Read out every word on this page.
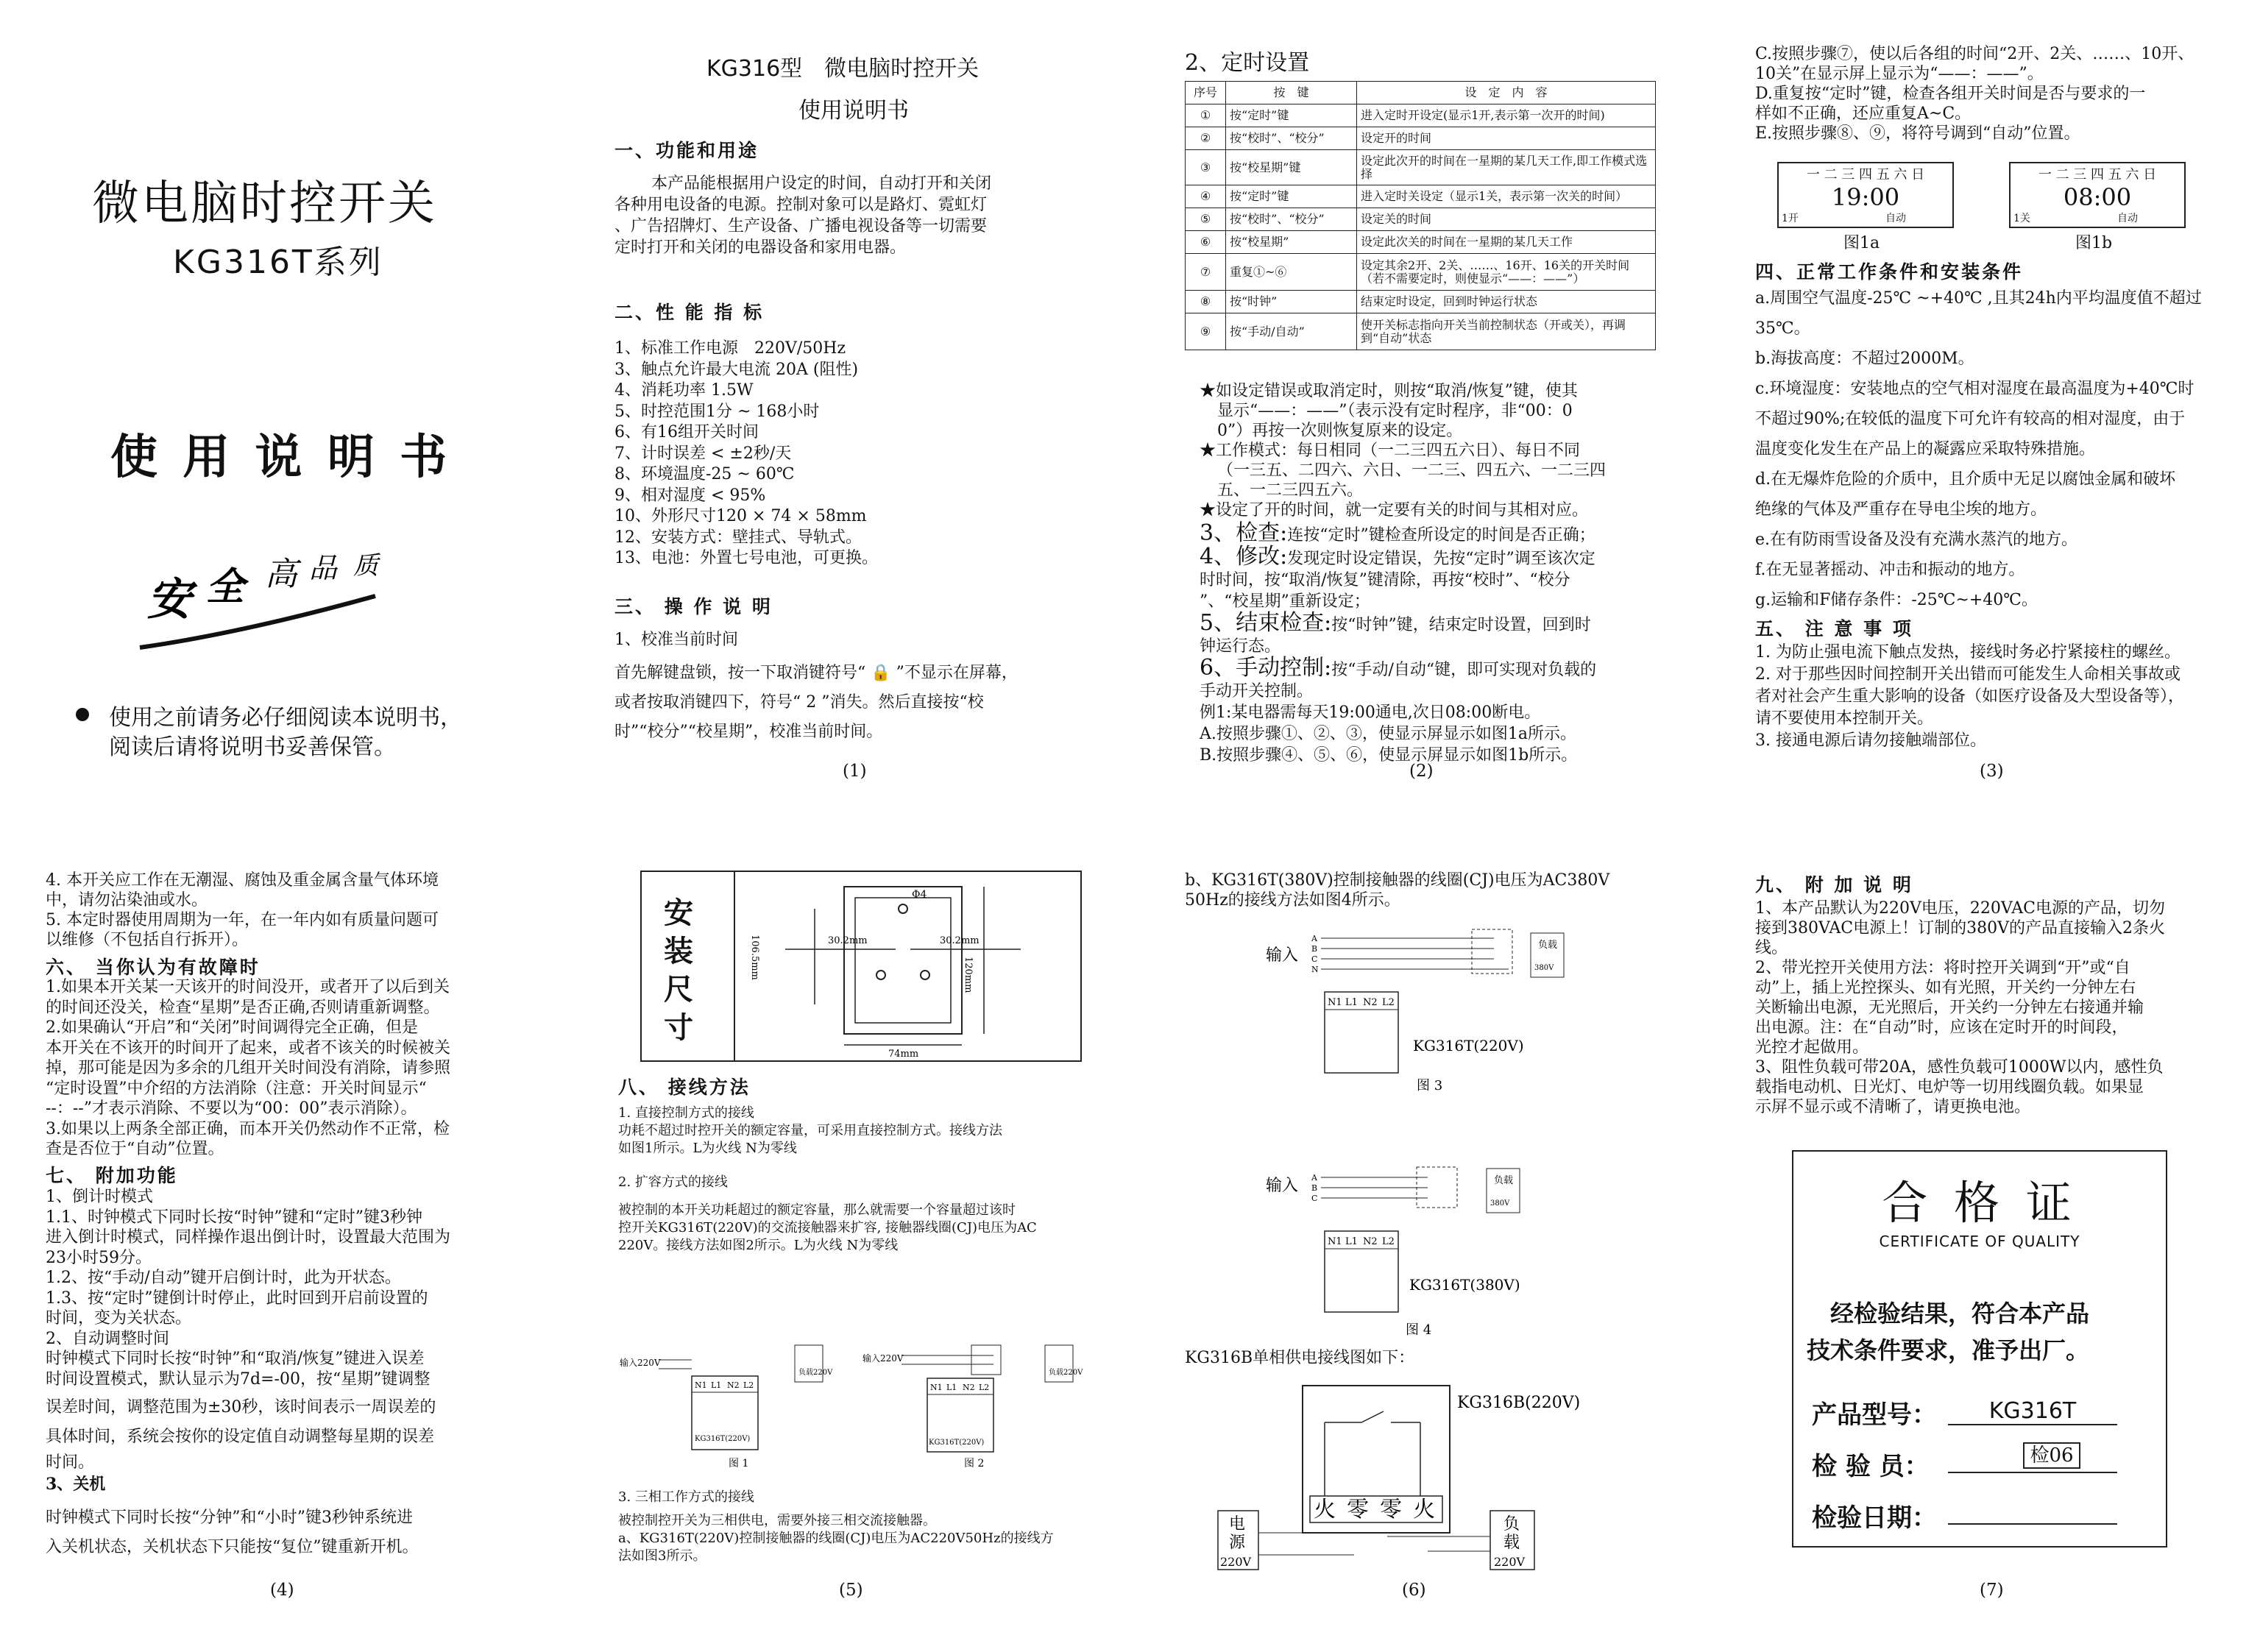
微电脑时控开关
KG316T系列
使 用 说 明 书
安 全 高 品 质
使用之前请务必仔细阅读本说明书，
阅读后请将说明书妥善保管。
KG316型　微电脑时控开关
使用说明书
一、功能和用途
本产品能根据用户设定的时间，自动打开和关闭
各种用电设备的电源。控制对象可以是路灯、霓虹灯
、广告招牌灯、生产设备、广播电视设备等一切需要
定时打开和关闭的电器设备和家用电器。
二、性 能 指 标
1、标准工作电源　220V/50Hz
3、触点允许最大电流 20A (阻性)
4、消耗功率 1.5W
5、时控范围1分 ~ 168小时
6、有16组开关时间
7、计时误差 < ±2秒/天
8、环境温度-25 ~ 60℃
9、相对湿度 < 95%
10、外形尺寸120 × 74 × 58mm
12、安装方式：壁挂式、导轨式。
13、电池：外置七号电池，可更换。
三、 操 作 说 明
1、校准当前时间
首先解键盘锁，按一下取消键符号“ 🔒 ”不显示在屏幕，
或者按取消键四下，符号“ 2 ”消失。然后直接按“校
时”“校分”“校星期”，校准当前时间。
(1)
2、定时设置
序号	按　键	设　定　内　容
①	按“定时”键	进入定时开设定(显示1开,表示第一次开的时间)
②	按“校时”、“校分”	设定开的时间
③	按“校星期”键	设定此次开的时间在一星期的某几天工作,即工作模式选择
④	按“定时”键	进入定时关设定（显示1关，表示第一次关的时间）
⑤	按“校时”、“校分”	设定关的时间
⑥	按“校星期”	设定此次关的时间在一星期的某几天工作
⑦	重复①~⑥	设定其余2开、2关、……、16开、16关的开关时间（若不需要定时，则使显示“——：——”）
⑧	按“时钟”	结束定时设定，回到时钟运行状态
⑨	按“手动/自动”	使开关标志指向开关当前控制状态（开或关），再调到“自动”状态
★如设定错误或取消定时，则按“取消/恢复”键，使其
显示“——：——”（表示没有定时程序，非“00：0
0”）再按一次则恢复原来的设定。
★工作模式：每日相同（一二三四五六日）、每日不同
（一三五、二四六、六日、一二三、四五六、一二三四
五、一二三四五六。
★设定了开的时间，就一定要有关的时间与其相对应。
3、检查:连按“定时”键检查所设定的时间是否正确；
4、修改:发现定时设定错误，先按“定时”调至该次定
时时间，按“取消/恢复”键清除，再按“校时”、“校分
”、“校星期”重新设定；
5、结束检查:按“时钟”键，结束定时设置，回到时
钟运行态。
6、手动控制:按“手动/自动“键，即可实现对负载的
手动开关控制。
例1:某电器需每天19:00通电,次日08:00断电。
A.按照步骤①、②、③，使显示屏显示如图1a所示。
B.按照步骤④、⑤、⑥，使显示屏显示如图1b所示。
(2)
C.按照步骤⑦，使以后各组的时间“2开、2关、……、10开、
10关”在显示屏上显示为“——：——”。
D.重复按“定时”键，检查各组开关时间是否与要求的一
样如不正确，还应重复A~C。
E.按照步骤⑧、⑨，将符号调到“自动”位置。
一 二 三 四 五 六 日
19:00
1开	自动
图1a
一 二 三 四 五 六 日
08:00
1关	自动
图1b
四、正常工作条件和安装条件
a.周围空气温度-25℃ ~+40℃ ,且其24h内平均温度值不超过
35℃。
b.海拔高度：不超过2000M。
c.环境湿度：安装地点的空气相对湿度在最高温度为+40℃时
不超过90%;在较低的温度下可允许有较高的相对湿度，由于
温度变化发生在产品上的凝露应采取特殊措施。
d.在无爆炸危险的介质中，且介质中无足以腐蚀金属和破坏
绝缘的气体及严重存在导电尘埃的地方。
e.在有防雨雪设备及没有充满水蒸汽的地方。
f.在无显著摇动、冲击和振动的地方。
g.运输和F储存条件：-25℃~+40℃。
五、 注 意 事 项
1. 为防止强电流下触点发热，接线时务必拧紧接柱的螺丝。
2. 对于那些因时间控制开关出错而可能发生人命相关事故或
者对社会产生重大影响的设备（如医疗设备及大型设备等），
请不要使用本控制开关。
3. 接通电源后请勿接触端部位。
(3)
4. 本开关应工作在无潮湿、腐蚀及重金属含量气体环境
中，请勿沾染油或水。
5. 本定时器使用周期为一年，在一年内如有质量问题可
以维修（不包括自行拆开）。
六、 当你认为有故障时
1.如果本开关某一天该开的时间没开，或者开了以后到关
的时间还没关，检查“星期”是否正确,否则请重新调整。
2.如果确认“开启”和“关闭”时间调得完全正确，但是
本开关在不该开的时间开了起来，或者不该关的时候被关
掉，那可能是因为多余的几组开关时间没有消除，请参照
“定时设置”中介绍的方法消除（注意：开关时间显示“
--：--”才表示消除、不要以为“00：00”表示消除）。
3.如果以上两条全部正确，而本开关仍然动作不正常，检
查是否位于“自动”位置。
七、 附加功能
1、倒计时模式
1.1、时钟模式下同时长按“时钟”键和“定时”键3秒钟
进入倒计时模式，同样操作退出倒计时，设置最大范围为
23小时59分。
1.2、按“手动/自动”键开启倒计时，此为开状态。
1.3、按“定时”键倒计时停止，此时回到开启前设置的
时间，变为关状态。
2、自动调整时间
时钟模式下同时长按“时钟”和“取消/恢复”键进入误差
时间设置模式，默认显示为7d=-00，按“星期”键调整
误差时间，调整范围为±30秒，该时间表示一周误差的
具体时间，系统会按你的设定值自动调整每星期的误差
时间。
3、关机
时钟模式下同时长按“分钟”和“小时”键3秒钟系统进
入关机状态，关机状态下只能按“复位”键重新开机。
(4)
安
装
尺
寸
30.2mm	30.2mm
Φ4
106.5mm	120mm
74mm
八、 接线方法
1. 直接控制方式的接线
功耗不超过时控开关的额定容量，可采用直接控制方式。接线方法
如图1所示。L为火线 N为零线
2. 扩容方式的接线
被控制的本开关功耗超过的额定容量，那么就需要一个容量超过该时
控开关KG316T(220V)的交流接触器来扩容, 接触器线圈(CJ)电压为AC
220V。接线方法如图2所示。L为火线 N为零线
输入220V
N1 L1 N2 L2
KG316T(220V)
负载220V
图 1
输入220V
N1 L1 N2 L2
KG316T(220V)
负载220V
图 2
3. 三相工作方式的接线
被控制控开关为三相供电，需要外接三相交流接触器。
a、KG316T(220V)控制接触器的线圈(CJ)电压为AC220V50Hz的接线方
法如图3所示。
(5)
b、KG316T(380V)控制接触器的线圈(CJ)电压为AC380V
50Hz的接线方法如图4所示。
输入
A
B
C
N
负载
380V
N1 L1 N2 L2
KG316T(220V)
图 3
输入 A
B
C
负载
380V
N1 L1 N2 L2
KG316T(380V)
图 4
KG316B单相供电接线图如下：
KG316B(220V)
火 零 零 火
电
源
220V
负
载
220V
(6)
九、 附 加 说 明
1、本产品默认为220V电压，220VAC电源的产品，切勿
接到380VAC电源上！订制的380V的产品直接输入2条火
线。
2、带光控开关使用方法：将时控开关调到“开”或“自
动”上，插上光控探头、如有光照，开关约一分钟左右
关断输出电源，无光照后，开关约一分钟左右接通并输
出电源。注：在“自动”时，应该在定时开的时间段，
光控才起做用。
3、阻性负载可带20A，感性负载可1000W以内，感性负
载指电动机、日光灯、电炉等一切用线圈负载。如果显
示屏不显示或不清晰了，请更换电池。
合 格 证
CERTIFICATE OF QUALITY
经检验结果，符合本产品
技术条件要求，准予出厂。
产品型号：	KG316T
检 验 员：	检06
检验日期：
(7)
